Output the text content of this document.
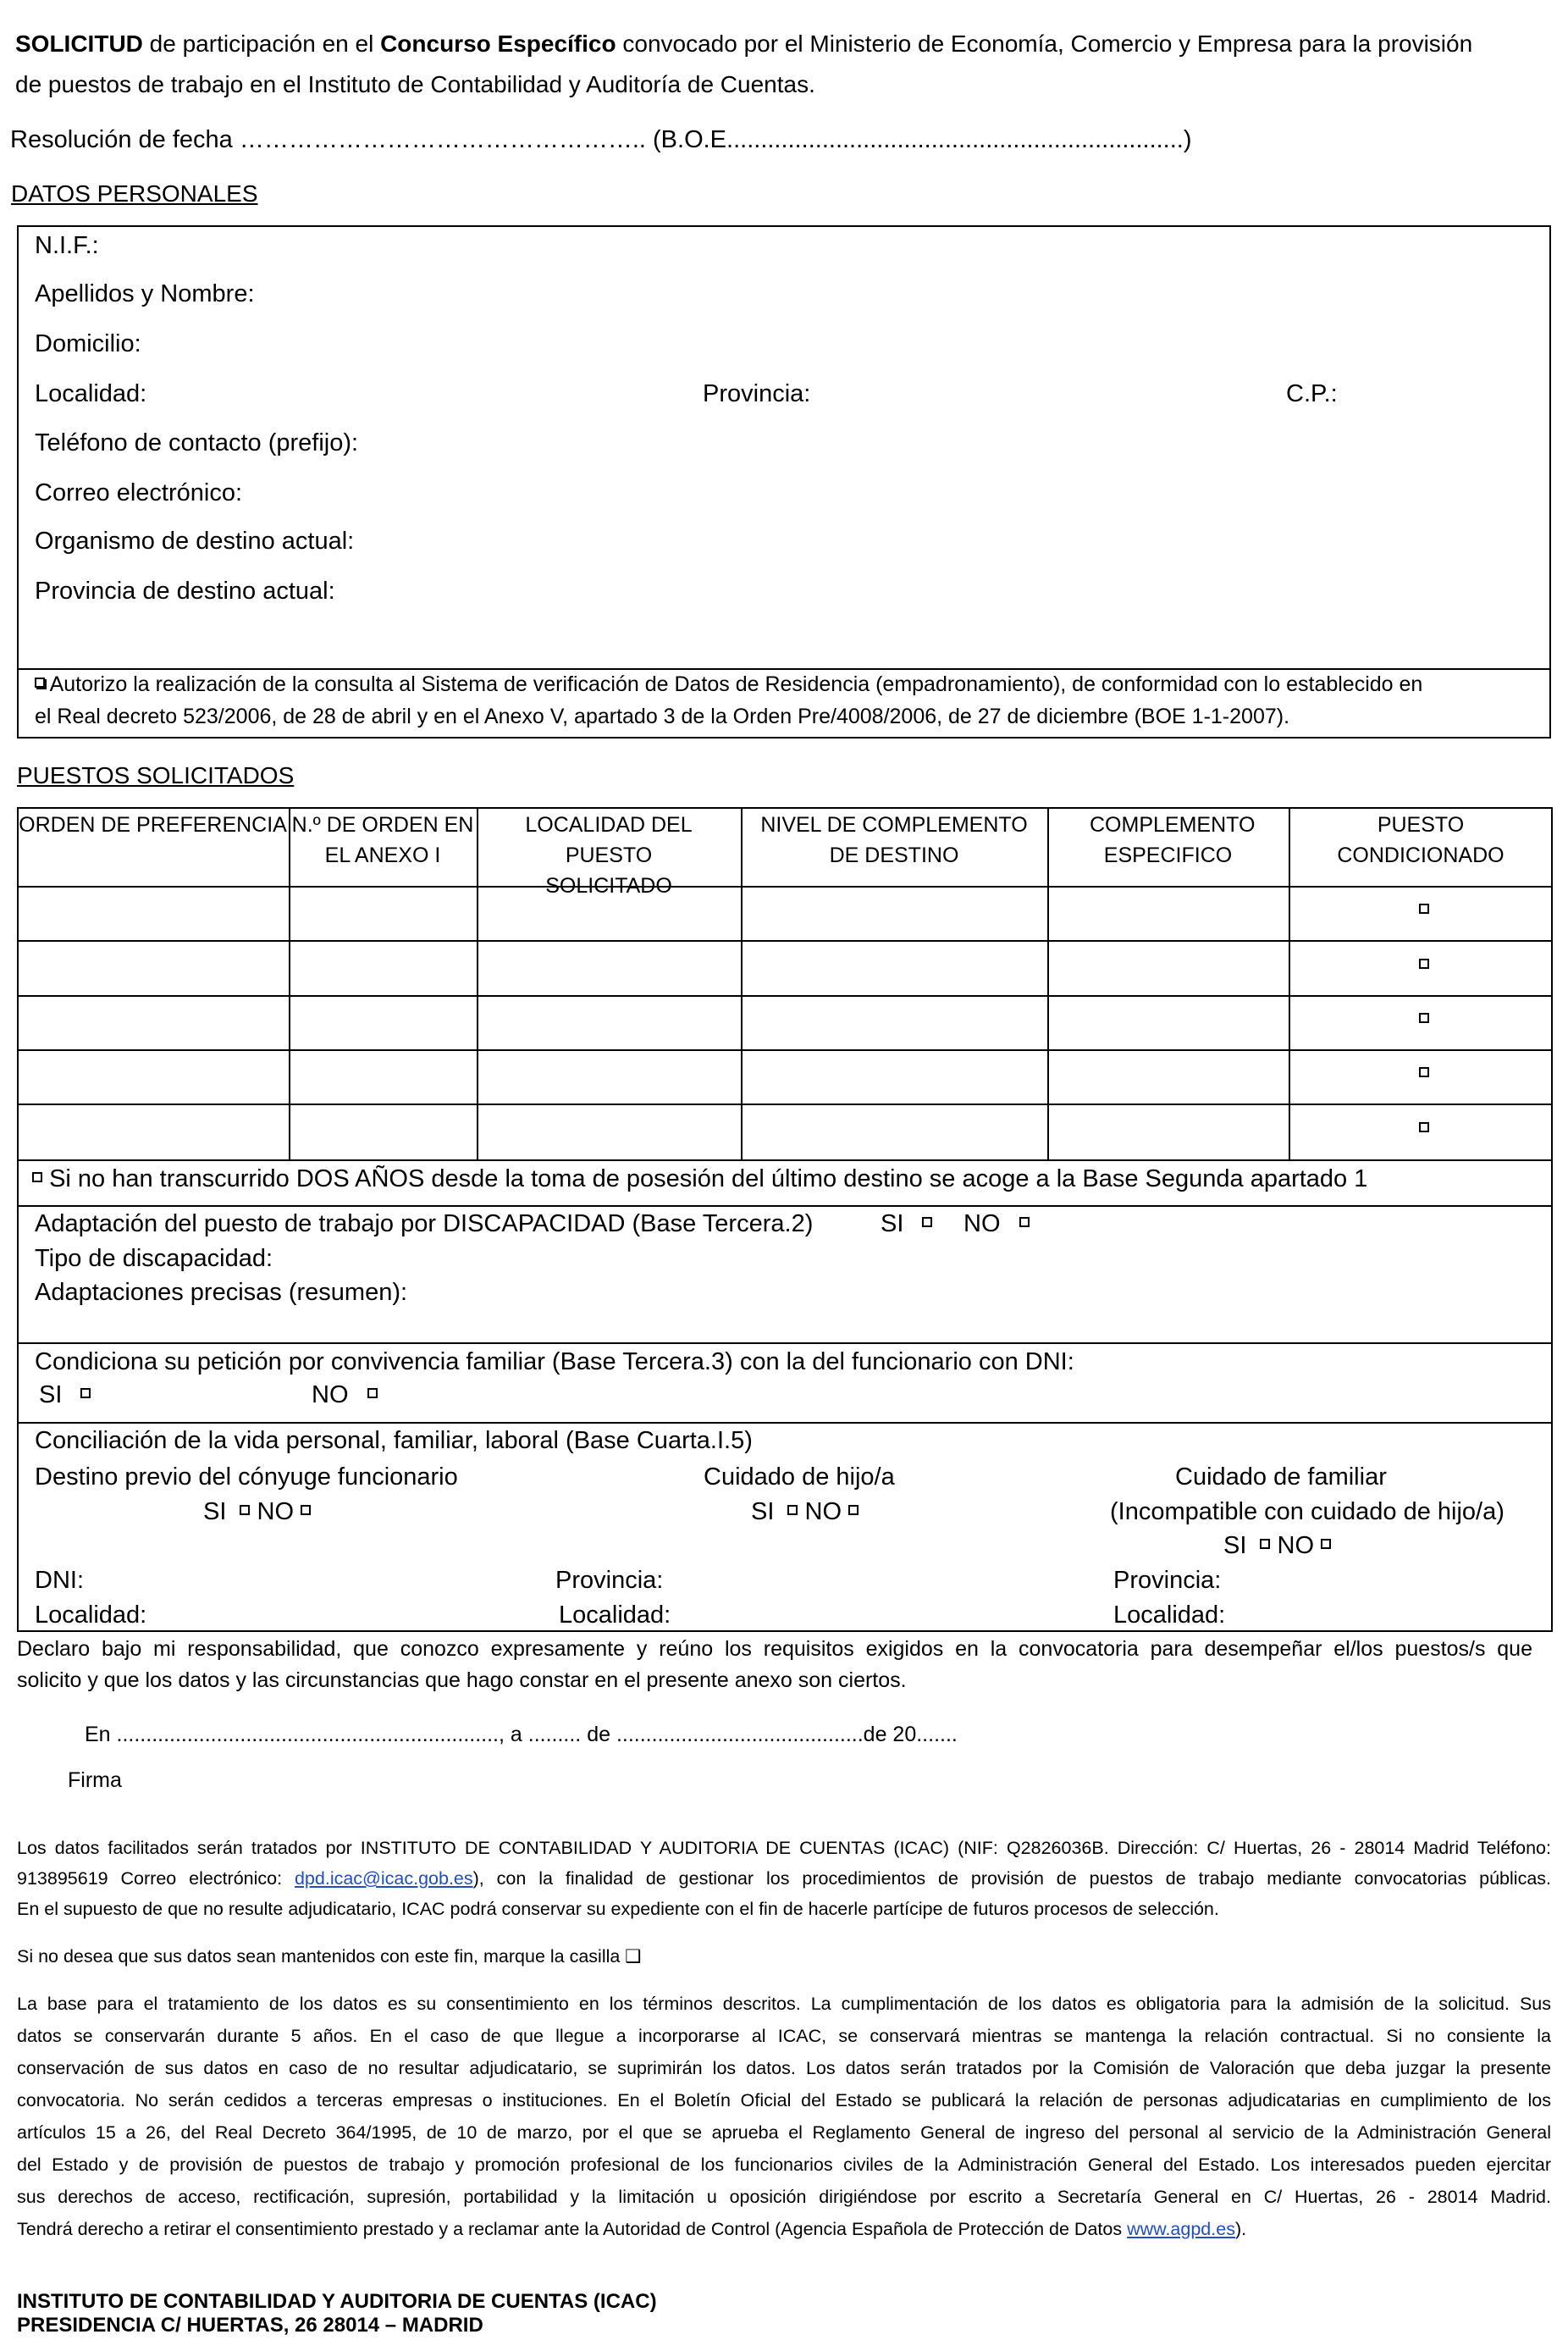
SOLICITUD de participación en el Concurso Específico convocado por el Ministerio de Economía, Comercio y Empresa para la provisión
de puestos de trabajo en el Instituto de Contabilidad y Auditoría de Cuentas.
Resolución de fecha ………………………………………….. (B.O.E...................................................................)
DATOS PERSONALES
N.I.F.:
Apellidos y Nombre:
Domicilio:
Localidad:	Provincia:	C.P.:
Teléfono de contacto (prefijo):
Correo electrónico:
Organismo de destino actual:
Provincia de destino actual:
Autorizo la realización de la consulta al Sistema de verificación de Datos de Residencia (empadronamiento), de conformidad con lo establecido en
el Real decreto 523/2006, de 28 de abril y en el Anexo V, apartado 3 de la Orden Pre/4008/2006, de 27 de diciembre (BOE 1-1-2007).
PUESTOS SOLICITADOS
ORDEN DE PREFERENCIA N.º DE ORDEN EN EL ANEXO I
LOCALIDAD DEL PUESTO SOLICITADO
NIVEL DE COMPLEMENTO DE DESTINO
COMPLEMENTO ESPECIFICO
PUESTO CONDICIONADO
Si no han transcurrido DOS AÑOS desde la toma de posesión del último destino se acoge a la Base Segunda apartado 1
Adaptación del puesto de trabajo por DISCAPACIDAD (Base Tercera.2)	SI	NO
Tipo de discapacidad:
Adaptaciones precisas (resumen):
Condiciona su petición por convivencia familiar (Base Tercera.3) con la del funcionario con DNI:
SI	NO
Conciliación de la vida personal, familiar, laboral (Base Cuarta.I.5)
Destino previo del cónyuge funcionario	Cuidado de hijo/a	Cuidado de familiar
SI NO	SI NO	(Incompatible con cuidado de hijo/a)
SI NO
DNI:	Provincia:	Provincia:
Localidad:	Localidad:	Localidad:
Declaro bajo mi responsabilidad, que conozco expresamente y reúno los requisitos exigidos en la convocatoria para desempeñar el/los puestos/s que
solicito y que los datos y las circunstancias que hago constar en el presente anexo son ciertos.
En ................................................................., a ......... de ..........................................de 20.......
Firma
Los datos facilitados serán tratados por INSTITUTO DE CONTABILIDAD Y AUDITORIA DE CUENTAS (ICAC) (NIF: Q2826036B. Dirección: C/ Huertas, 26 - 28014 Madrid Teléfono:
913895619 Correo electrónico: dpd.icac@icac.gob.es), con la finalidad de gestionar los procedimientos de provisión de puestos de trabajo mediante convocatorias públicas.
En el supuesto de que no resulte adjudicatario, ICAC podrá conservar su expediente con el fin de hacerle partícipe de futuros procesos de selección.
Si no desea que sus datos sean mantenidos con este fin, marque la casilla ❑
La base para el tratamiento de los datos es su consentimiento en los términos descritos. La cumplimentación de los datos es obligatoria para la admisión de la solicitud. Sus
datos se conservarán durante 5 años. En el caso de que llegue a incorporarse al ICAC, se conservará mientras se mantenga la relación contractual. Si no consiente la
conservación de sus datos en caso de no resultar adjudicatario, se suprimirán los datos. Los datos serán tratados por la Comisión de Valoración que deba juzgar la presente
convocatoria. No serán cedidos a terceras empresas o instituciones. En el Boletín Oficial del Estado se publicará la relación de personas adjudicatarias en cumplimiento de los
artículos 15 a 26, del Real Decreto 364/1995, de 10 de marzo, por el que se aprueba el Reglamento General de ingreso del personal al servicio de la Administración General
del Estado y de provisión de puestos de trabajo y promoción profesional de los funcionarios civiles de la Administración General del Estado. Los interesados pueden ejercitar
sus derechos de acceso, rectificación, supresión, portabilidad y la limitación u oposición dirigiéndose por escrito a Secretaría General en C/ Huertas, 26 - 28014 Madrid.
Tendrá derecho a retirar el consentimiento prestado y a reclamar ante la Autoridad de Control (Agencia Española de Protección de Datos www.agpd.es).
INSTITUTO DE CONTABILIDAD Y AUDITORIA DE CUENTAS (ICAC)
PRESIDENCIA C/ HUERTAS, 26 28014 – MADRID
